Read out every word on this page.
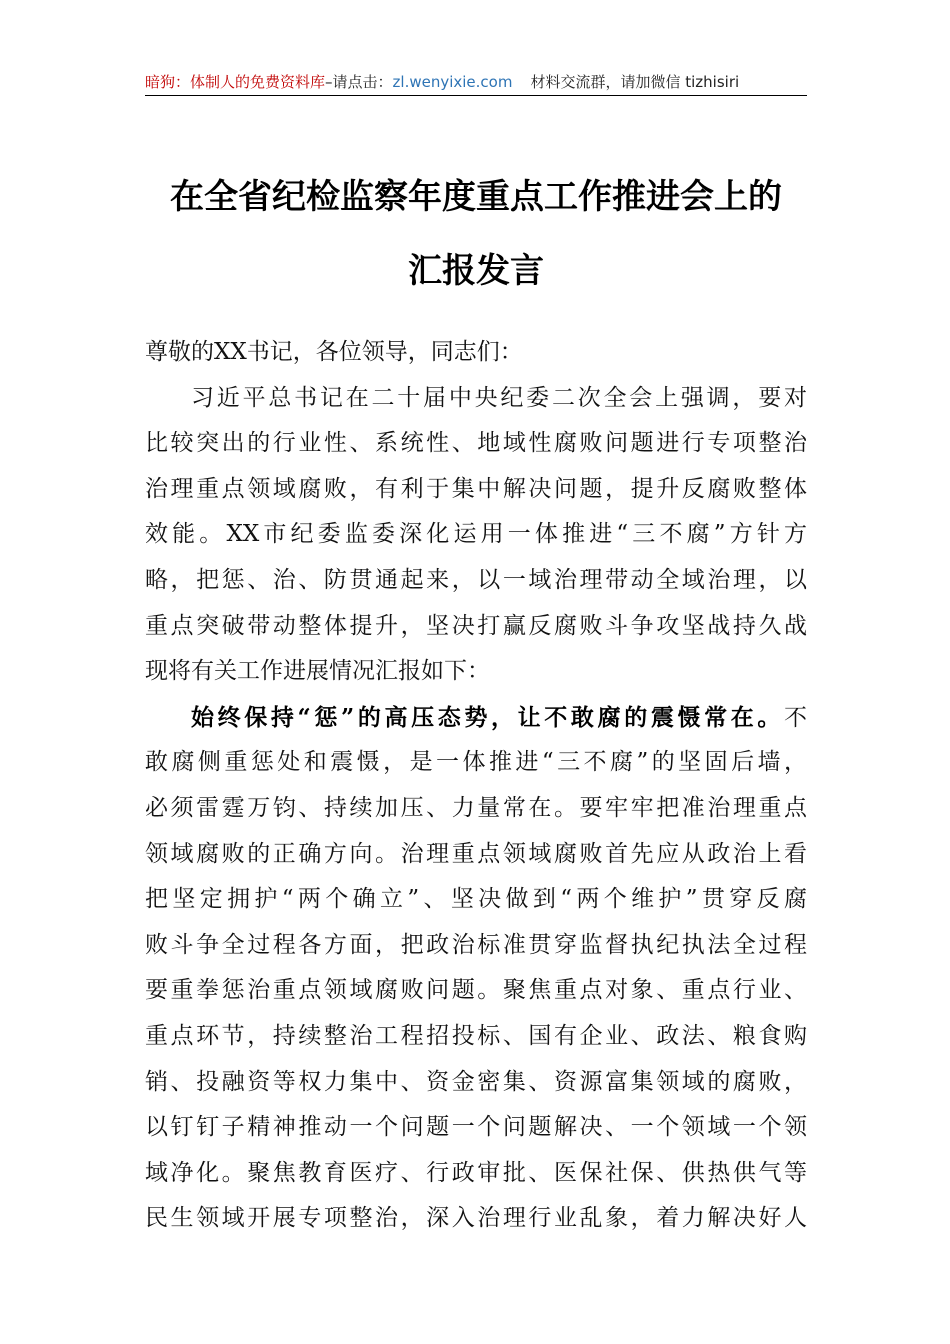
暗狗：体制人的免费资料库–请点击：zl.wenyixie.com 材料交流群，请加微信 tizhisiri
在全省纪检监察年度重点工作推进会上的
汇报发言
尊敬的XX书记，各位领导，同志们：
习近平总书记在二十届中央纪委二次全会上强调，要对
比较突出的行业性、系统性、地域性腐败问题进行专项整治
治理重点领域腐败，有利于集中解决问题，提升反腐败整体
效能。XX市纪委监委深化运用一体推进“三不腐”方针方
略，把惩、治、防贯通起来，以一域治理带动全域治理，以
重点突破带动整体提升，坚决打赢反腐败斗争攻坚战持久战
现将有关工作进展情况汇报如下：
始终保持“惩”的高压态势，让不敢腐的震慑常在。不
敢腐侧重惩处和震慑，是一体推进“三不腐”的坚固后墙，
必须雷霆万钧、持续加压、力量常在。要牢牢把准治理重点
领域腐败的正确方向。治理重点领域腐败首先应从政治上看
把坚定拥护“两个确立”、坚决做到“两个维护”贯穿反腐
败斗争全过程各方面，把政治标准贯穿监督执纪执法全过程
要重拳惩治重点领域腐败问题。聚焦重点对象、重点行业、
重点环节，持续整治工程招投标、国有企业、政法、粮食购
销、投融资等权力集中、资金密集、资源富集领域的腐败，
以钉钉子精神推动一个问题一个问题解决、一个领域一个领
域净化。聚焦教育医疗、行政审批、医保社保、供热供气等
民生领域开展专项整治，深入治理行业乱象，着力解决好人
